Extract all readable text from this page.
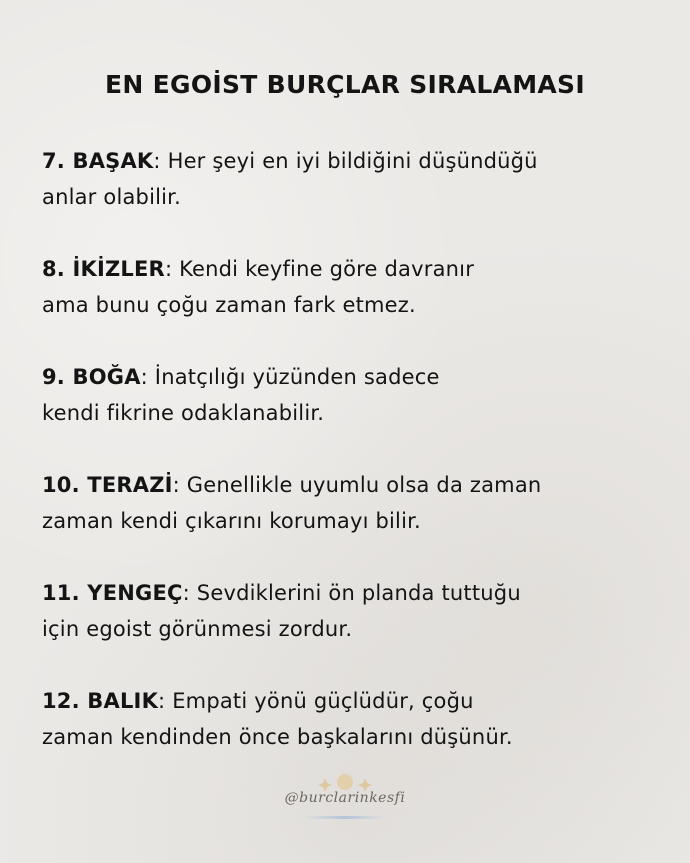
EN EGOİST BURÇLAR SIRALAMASI
7. BAŞAK: Her şeyi en iyi bildiğini düşündüğü
anlar olabilir.
8. İKİZLER: Kendi keyfine göre davranır
ama bunu çoğu zaman fark etmez.
9. BOĞA: İnatçılığı yüzünden sadece
kendi fikrine odaklanabilir.
10. TERAZİ: Genellikle uyumlu olsa da zaman
zaman kendi çıkarını korumayı bilir.
11. YENGEÇ: Sevdiklerini ön planda tuttuğu
için egoist görünmesi zordur.
12. BALIK: Empati yönü güçlüdür, çoğu
zaman kendinden önce başkalarını düşünür.
@burclarinkesfi
